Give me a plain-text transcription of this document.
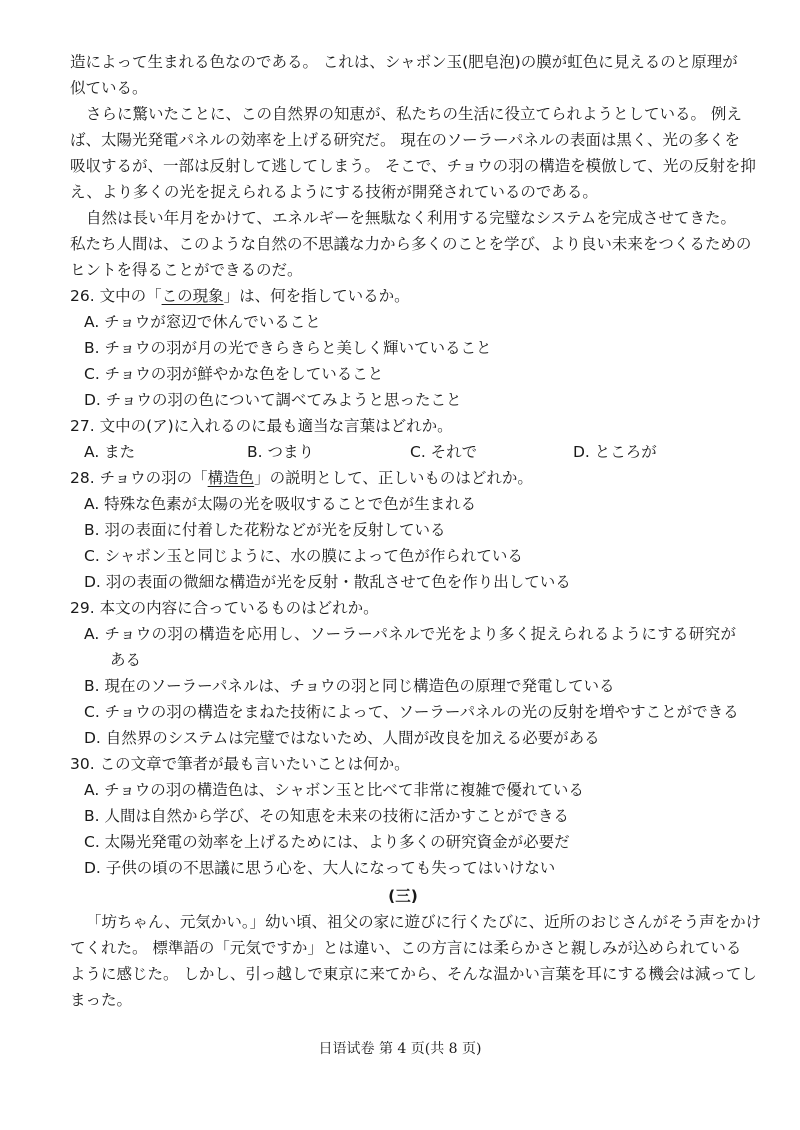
造によって生まれる色なのである。 これは、シャボン玉(肥皂泡)の膜が虹色に見えるのと原理が
似ている。
さらに驚いたことに、この自然界の知恵が、私たちの生活に役立てられようとしている。 例え
ば、太陽光発電パネルの効率を上げる研究だ。 現在のソーラーパネルの表面は黒く、光の多くを
吸収するが、一部は反射して逃してしまう。 そこで、チョウの羽の構造を模倣して、光の反射を抑
え、より多くの光を捉えられるようにする技術が開発されているのである。
自然は長い年月をかけて、エネルギーを無駄なく利用する完璧なシステムを完成させてきた。
私たち人間は、このような自然の不思議な力から多くのことを学び、より良い未来をつくるための
ヒントを得ることができるのだ。
26. 文中の「この現象」は、何を指しているか。
A. チョウが窓辺で休んでいること
B. チョウの羽が月の光できらきらと美しく輝いていること
C. チョウの羽が鮮やかな色をしていること
D. チョウの羽の色について調べてみようと思ったこと
27. 文中の(ア)に入れるのに最も適当な言葉はどれか。
A. また	B. つまり	C. それで	D. ところが
28. チョウの羽の「構造色」の説明として、正しいものはどれか。
A. 特殊な色素が太陽の光を吸収することで色が生まれる
B. 羽の表面に付着した花粉などが光を反射している
C. シャボン玉と同じように、水の膜によって色が作られている
D. 羽の表面の微細な構造が光を反射・散乱させて色を作り出している
29. 本文の内容に合っているものはどれか。
A. チョウの羽の構造を応用し、ソーラーパネルで光をより多く捉えられるようにする研究が
ある
B. 現在のソーラーパネルは、チョウの羽と同じ構造色の原理で発電している
C. チョウの羽の構造をまねた技術によって、ソーラーパネルの光の反射を増やすことができる
D. 自然界のシステムは完璧ではないため、人間が改良を加える必要がある
30. この文章で筆者が最も言いたいことは何か。
A. チョウの羽の構造色は、シャボン玉と比べて非常に複雑で優れている
B. 人間は自然から学び、その知恵を未来の技術に活かすことができる
C. 太陽光発電の効率を上げるためには、より多くの研究資金が必要だ
D. 子供の頃の不思議に思う心を、大人になっても失ってはいけない
(三)
「坊ちゃん、元気かい。」幼い頃、祖父の家に遊びに行くたびに、近所のおじさんがそう声をかけ
てくれた。 標準語の「元気ですか」とは違い、この方言には柔らかさと親しみが込められている
ように感じた。 しかし、引っ越しで東京に来てから、そんな温かい言葉を耳にする機会は減ってし
まった。
日语试卷 第 4 页(共 8 页)
